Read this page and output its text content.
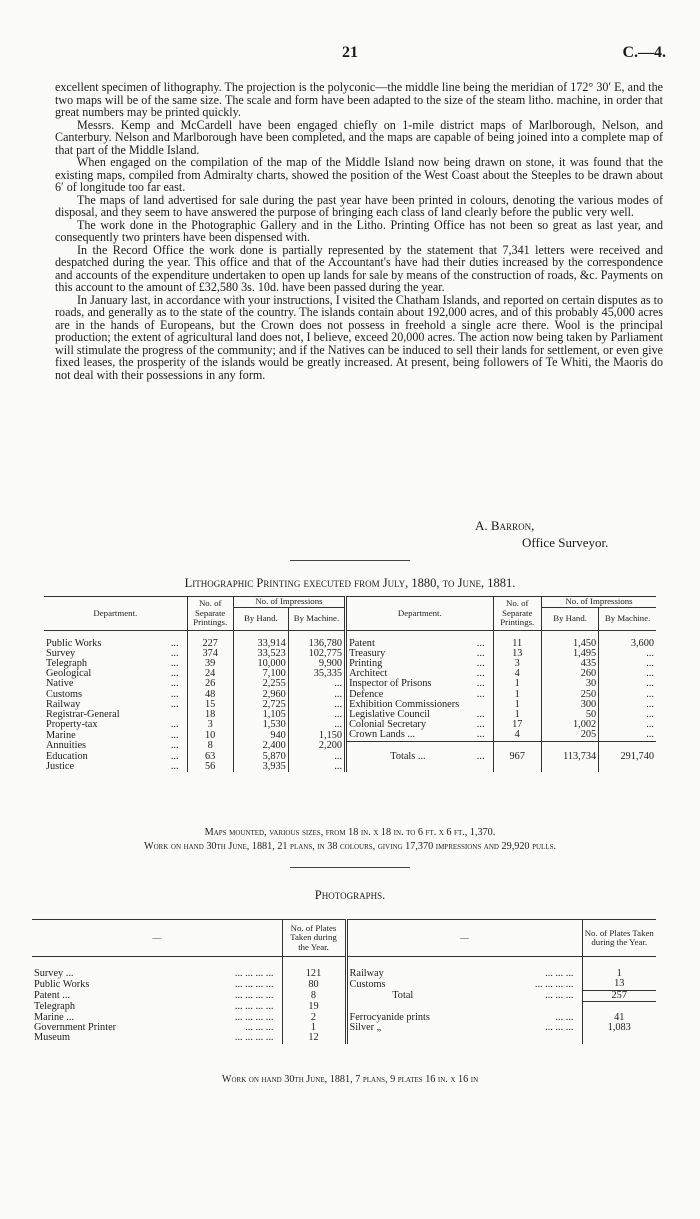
21	C.—4.

excellent specimen of lithography. The projection is the polyconic—the middle line being the meridian of 172° 30′ E, and the two maps will be of the same size. The scale and form have been adapted to the size of the steam litho. machine, in order that great numbers may be printed quickly.

Messrs. Kemp and McCardell have been engaged chiefly on 1-mile district maps of Marlborough, Nelson, and Canterbury. Nelson and Marlborough have been completed, and the maps are capable of being joined into a complete map of that part of the Middle Island.

When engaged on the compilation of the map of the Middle Island now being drawn on stone, it was found that the existing maps, compiled from Admiralty charts, showed the position of the West Coast about the Steeples to be drawn about 6′ of longitude too far east.

The maps of land advertised for sale during the past year have been printed in colours, denoting the various modes of disposal, and they seem to have answered the purpose of bringing each class of land clearly before the public very well.

The work done in the Photographic Gallery and in the Litho. Printing Office has not been so great as last year, and consequently two printers have been dispensed with.

In the Record Office the work done is partially represented by the statement that 7,341 letters were received and despatched during the year. This office and that of the Accountant's have had their duties increased by the correspondence and accounts of the expenditure undertaken to open up lands for sale by means of the construction of roads, &c. Payments on this account to the amount of £32,580 3s. 10d. have been passed during the year.

In January last, in accordance with your instructions, I visited the Chatham Islands, and reported on certain disputes as to roads, and generally as to the state of the country. The islands contain about 192,000 acres, and of this probably 45,000 acres are in the hands of Europeans, but the Crown does not possess in freehold a single acre there. Wool is the principal production; the extent of agricultural land does not, I believe, exceed 20,000 acres. The action now being taken by Parliament will stimulate the progress of the community; and if the Natives can be induced to sell their lands for settlement, or even give fixed leases, the prosperity of the islands would be greatly increased. At present, being followers of Te Whiti, the Maoris do not deal with their possessions in any form.

A. Barron,
Office Surveyor.
Lithographic Printing executed from July, 1880, to June, 1881.
Department.		No. of Separate Printings.	No. of Impressions		Department.		No. of Separate Printings.	No. of Impressions	
			By Hand.	By Machine.				By Hand.	By Machine.
Public Works	...	227	33,914	136,780	Patent	...	11	1,450	3,600
Survey	...	374	33,523	102,775	Treasury	...	13	1,495	...
Telegraph	...	39	10,000	9,900	Printing	...	3	435	...
Geological	...	24	7,100	35,335	Architect	...	4	260	...
Native	...	26	2,255	...	Inspector of Prisons	...	1	30	...
Customs	...	48	2,960	...	Defence	...	1	250	...
Railway	...	15	2,725	...	Exhibition Commissioners		1	300	...
Registrar-General		18	1,105	...	Legislative Council	...	1	50	...
Property-tax	...	3	1,530	...	Colonial Secretary	...	17	1,002	...
Marine	...	10	940	1,150	Crown Lands ...	...	4	205	...
Annuities	...	8	2,400	2,200					
Education	...	63	5,870	...	Totals ...	...	967	113,734	291,740
Justice	...	56	3,935	...					
Maps mounted, various sizes, from 18 in. x 18 in. to 6 ft. x 6 ft., 1,370.
Work on hand 30th June, 1881, 21 plans, in 38 colours, giving 17,370 impressions and 29,920 pulls.
Photographs.
—		No. of Plates Taken during the Year.	—		No. of Plates Taken during the Year.
Survey ...	... ... ... ...	121	Railway	... ... ...	1
Public Works	... ... ... ...	80	Customs	... ... ... ...	13
Patent ...	... ... ... ...	8	Total	... ... ...	257
Telegraph	... ... ... ...	19			
Marine ...	... ... ... ...	2	Ferrocyanide prints	... ...	41
Government Printer	... ... ...	1	Silver „	... ... ...	1,083
Museum	... ... ... ...	12			
Work on hand 30th June, 1881, 7 plans, 9 plates 16 in. x 16 in
